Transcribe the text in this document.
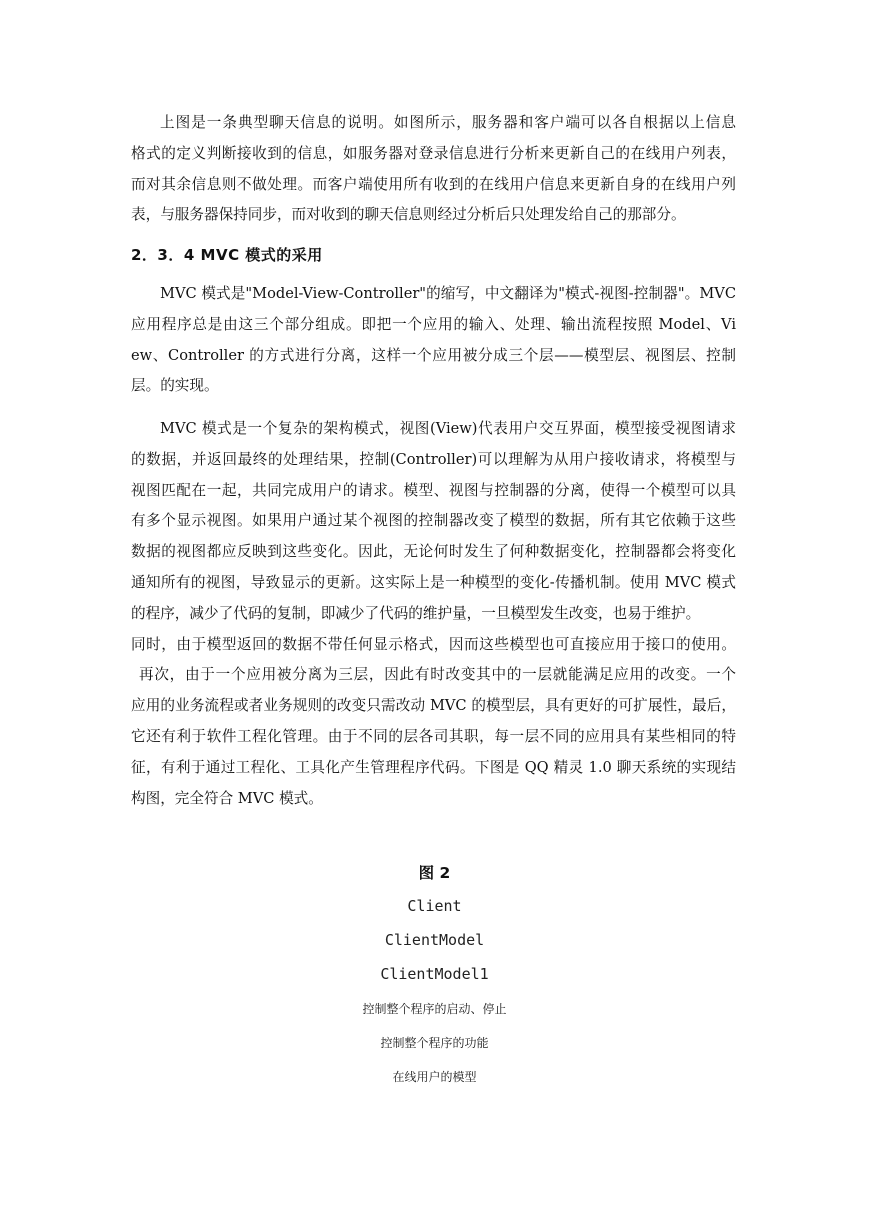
上图是一条典型聊天信息的说明。如图所示，服务器和客户端可以各自根据以上信息
格式的定义判断接收到的信息，如服务器对登录信息进行分析来更新自己的在线用户列表，
而对其余信息则不做处理。而客户端使用所有收到的在线用户信息来更新自身的在线用户列
表，与服务器保持同步，而对收到的聊天信息则经过分析后只处理发给自己的那部分。
2．3．4 MVC 模式的采用
MVC 模式是"Model-View-Controller"的缩写，中文翻译为"模式-视图-控制器"。MVC
应用程序总是由这三个部分组成。即把一个应用的输入、处理、输出流程按照 Model、Vi
ew、Controller 的方式进行分离，这样一个应用被分成三个层——模型层、视图层、控制
层。的实现。
MVC 模式是一个复杂的架构模式，视图(View)代表用户交互界面，模型接受视图请求
的数据，并返回最终的处理结果，控制(Controller)可以理解为从用户接收请求，将模型与
视图匹配在一起，共同完成用户的请求。模型、视图与控制器的分离，使得一个模型可以具
有多个显示视图。如果用户通过某个视图的控制器改变了模型的数据，所有其它依赖于这些
数据的视图都应反映到这些变化。因此，无论何时发生了何种数据变化，控制器都会将变化
通知所有的视图，导致显示的更新。这实际上是一种模型的变化-传播机制。使用 MVC 模式
的程序，减少了代码的复制，即减少了代码的维护量，一旦模型发生改变，也易于维护。
同时，由于模型返回的数据不带任何显示格式，因而这些模型也可直接应用于接口的使用。
再次，由于一个应用被分离为三层，因此有时改变其中的一层就能满足应用的改变。一个
应用的业务流程或者业务规则的改变只需改动 MVC 的模型层，具有更好的可扩展性，最后，
它还有利于软件工程化管理。由于不同的层各司其职，每一层不同的应用具有某些相同的特
征，有利于通过工程化、工具化产生管理程序代码。下图是 QQ 精灵 1.0 聊天系统的实现结
构图，完全符合 MVC 模式。
图 2
Client
ClientModel
ClientModel1
控制整个程序的启动、停止
控制整个程序的功能
在线用户的模型
